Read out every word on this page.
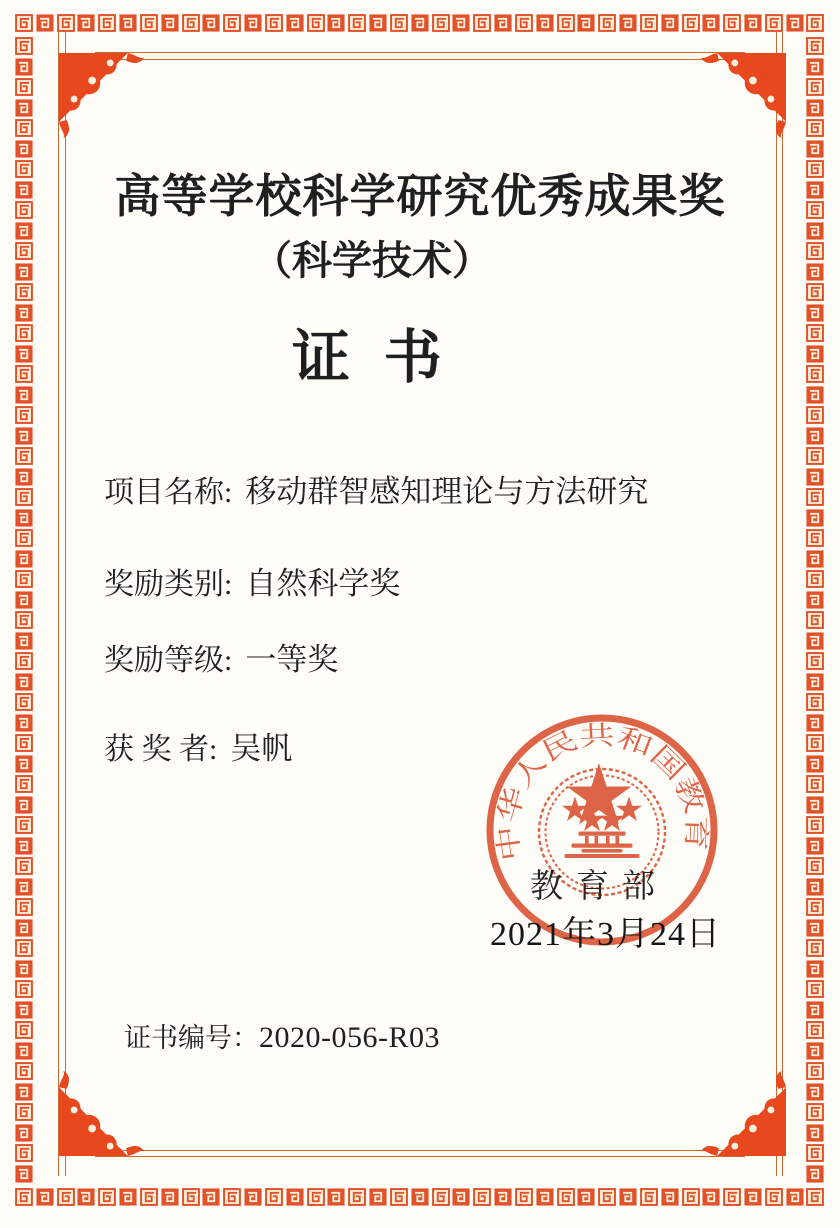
高等学校科学研究优秀成果奖
（科学技术）
证书
项目名称: 移动群智感知理论与方法研究
奖励类别: 自然科学奖
奖励等级: 一等奖
获 奖 者: 吴帆
中华人民共和国教育部
教育部
2021年3月24日
证书编号： 2020-056-R03
